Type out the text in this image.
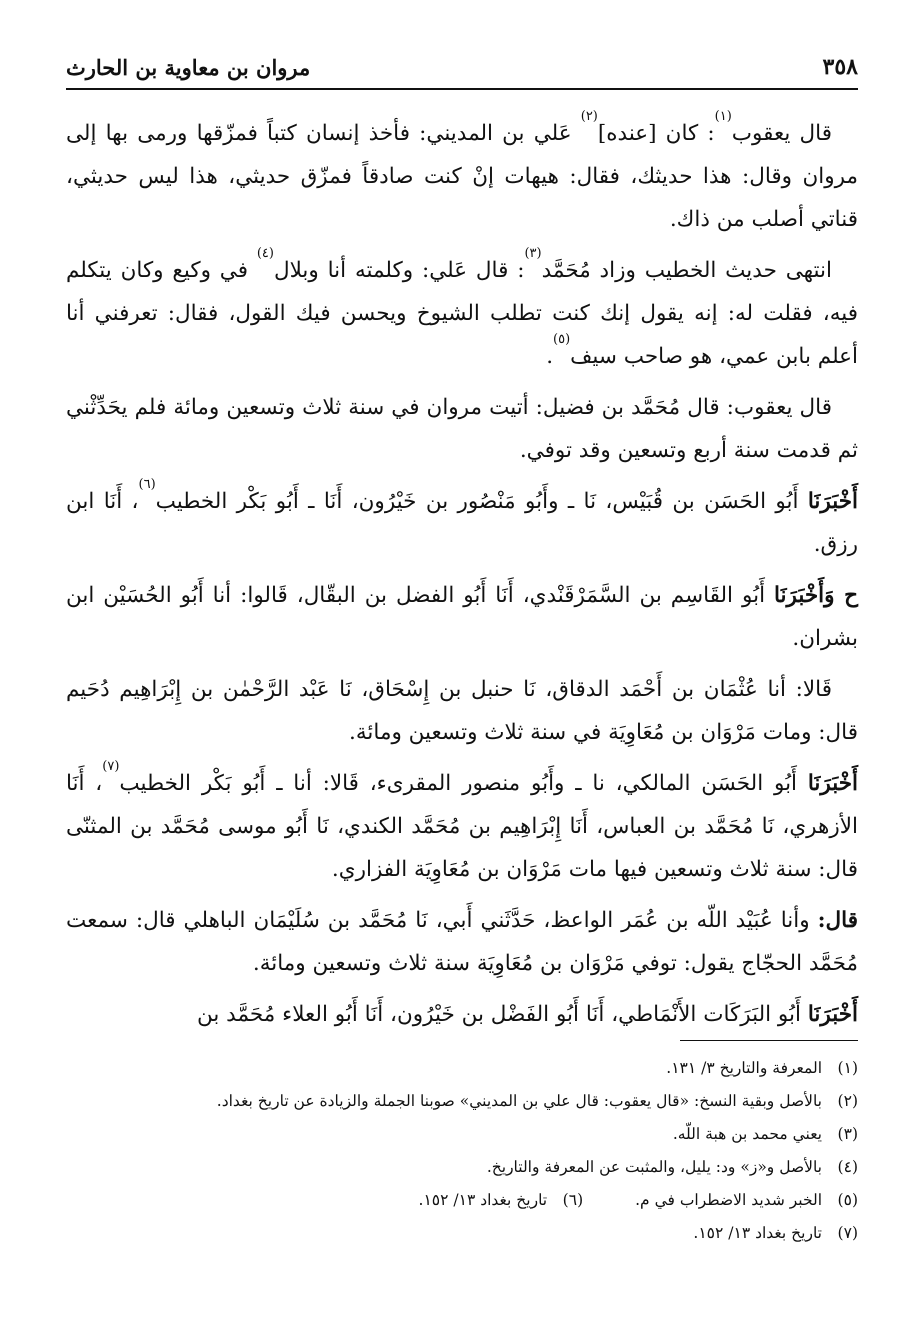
٣٥٨
مروان بن معاوية بن الحارث

قال يعقوب$^{(١)}$: كان [عنده]$^{(٢)}$ عَلي بن المديني: فأخذ إنسان كتباً فمزّقها ورمى بها إلى مروان وقال: هذا حديثك، فقال: هيهات إنْ كنت صادقاً فمزّق حديثي، هذا ليس حديثي، قناتي أصلب من ذاك.

انتهى حديث الخطيب وزاد مُحَمَّد$^{(٣)}$: قال عَلي: وكلمته أنا وبلال$^{(٤)}$ في وكيع وكان يتكلم فيه، فقلت له: إنه يقول إنك كنت تطلب الشيوخ ويحسن فيك القول، فقال: تعرفني أنا أعلم بابن عمي، هو صاحب سيف$^{(٥)}$.

قال يعقوب: قال مُحَمَّد بن فضيل: أتيت مروان في سنة ثلاث وتسعين ومائة فلم يحَدِّثْني ثم قدمت سنة أربع وتسعين وقد توفي.

أَخْبَرَنَا أَبُو الحَسَن بن قُبَيْس، نَا ـ وأَبُو مَنْصُور بن خَيْرُون، أَنَا ـ أَبُو بَكْر الخطيب$^{(٦)}$، أَنَا ابن رزق.

ح وَأَخْبَرَنَا أَبُو القَاسِم بن السَّمَرْقَنْدي، أَنَا أَبُو الفضل بن البقّال، قَالوا: أنا أَبُو الحُسَيْن ابن بشران.

قَالا: أنا عُثْمَان بن أَحْمَد الدقاق، نَا حنبل بن إِسْحَاق، نَا عَبْد الرَّحْمٰن بن إِبْرَاهِيم دُحَيم قال: ومات مَرْوَان بن مُعَاوِيَة في سنة ثلاث وتسعين ومائة.

أَخْبَرَنَا أَبُو الحَسَن المالكي، نا ـ وأَبُو منصور المقرىء، قَالا: أنا ـ أَبُو بَكْر الخطيب$^{(٧)}$، أَنَا الأزهري، نَا مُحَمَّد بن العباس، أَنَا إِبْرَاهِيم بن مُحَمَّد الكندي، نَا أَبُو موسى مُحَمَّد بن المثنّى قال: سنة ثلاث وتسعين فيها مات مَرْوَان بن مُعَاوِيَة الفزاري.

قال: وأنا عُبَيْد اللّه بن عُمَر الواعظ، حَدَّثَني أَبي، نَا مُحَمَّد بن سُلَيْمَان الباهلي قال: سمعت مُحَمَّد الحجّاج يقول: توفي مَرْوَان بن مُعَاوِيَة سنة ثلاث وتسعين ومائة.

أَخْبَرَنَا أَبُو البَرَكَات الأَنْمَاطي، أَنَا أَبُو الفَضْل بن خَيْرُون، أَنَا أَبُو العلاء مُحَمَّد بن

(١)
المعرفة والتاريخ ٣/ ١٣١.
(٢)
بالأصل وبقية النسخ: «قال يعقوب: قال علي بن المديني» صوبنا الجملة والزيادة عن تاريخ بغداد.
(٣)
يعني محمد بن هبة اللّه.
(٤)
بالأصل و«ز» ود: يليل، والمثبت عن المعرفة والتاريخ.
(٥)
الخبر شديد الاضطراب في م.
(٦)
تاريخ بغداد ١٣/ ١٥٢.
(٧)
تاريخ بغداد ١٣/ ١٥٢.
